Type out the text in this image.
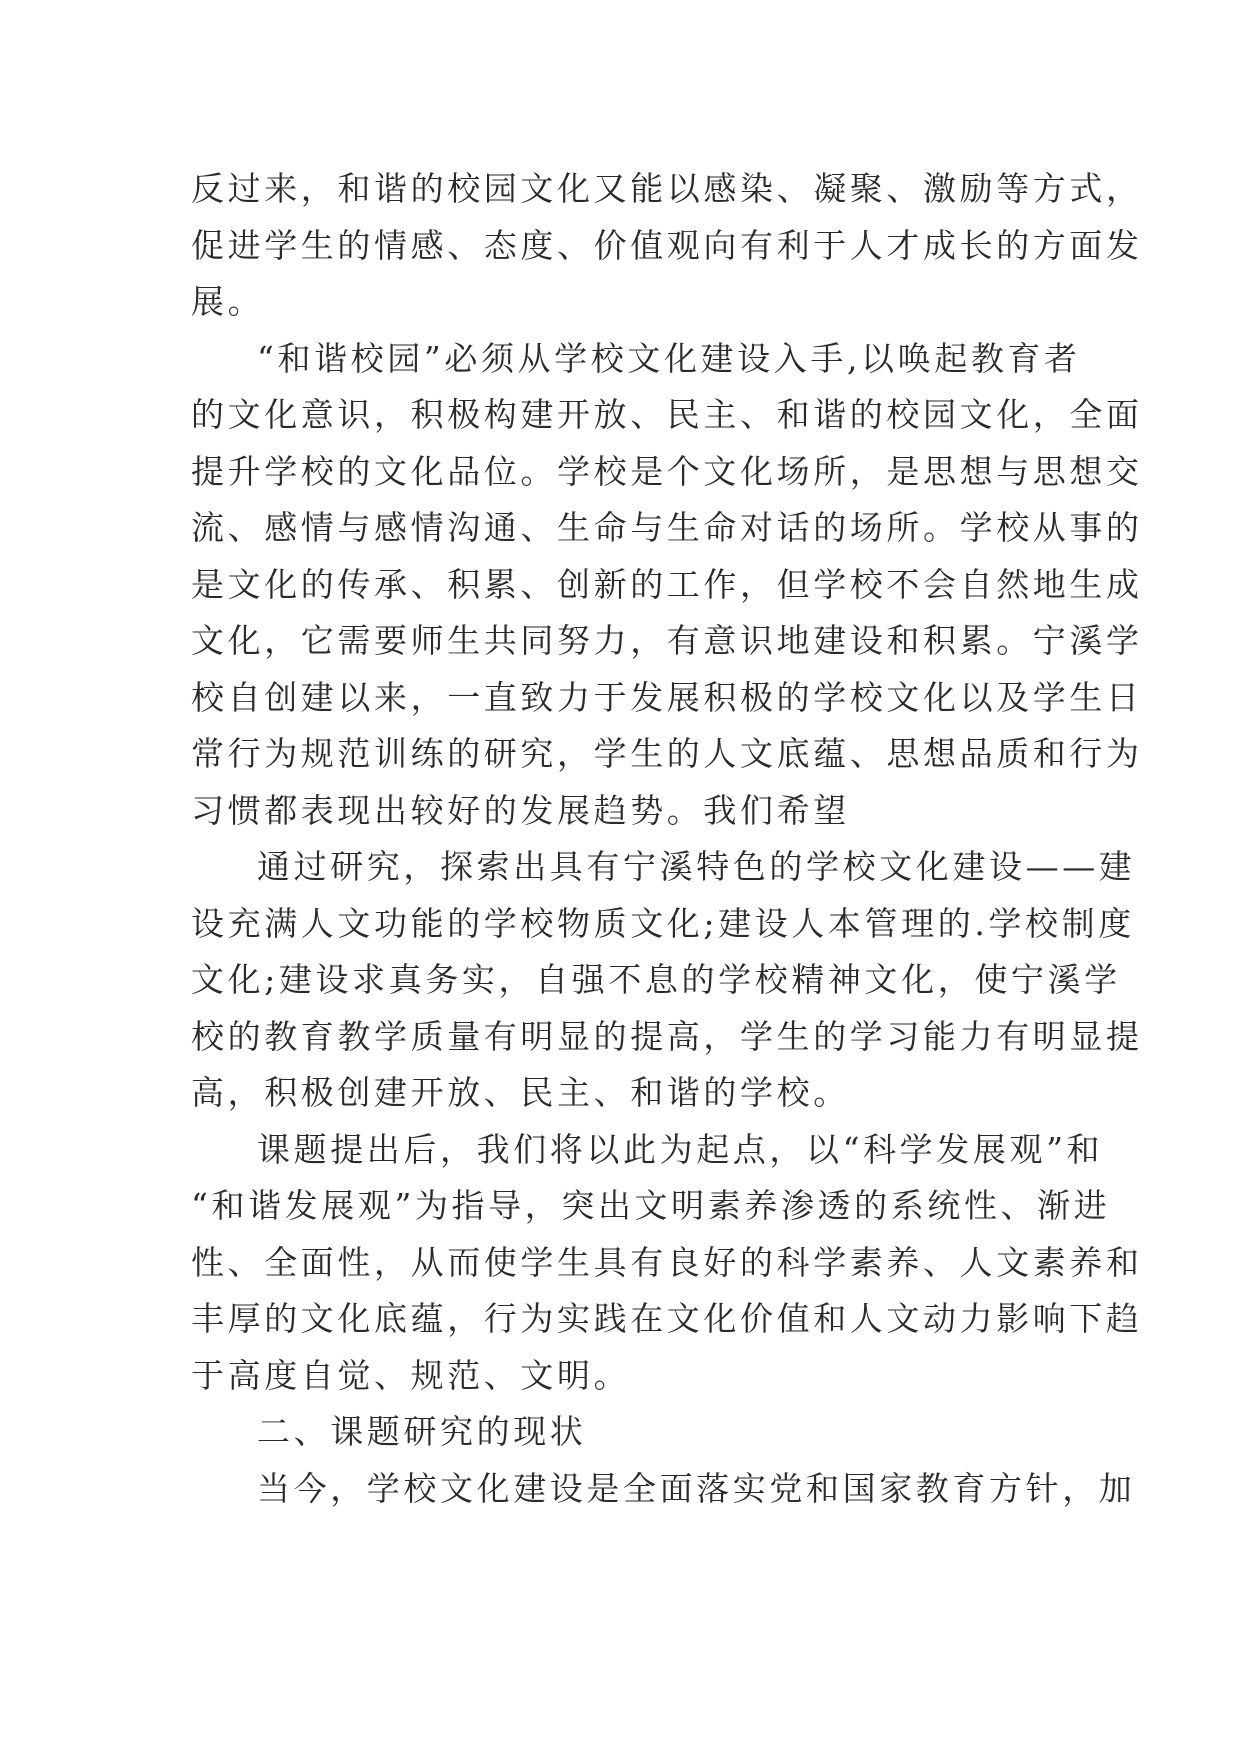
反过来，和谐的校园文化又能以感染、凝聚、激励等方式，
促进学生的情感、态度、价值观向有利于人才成长的方面发
展。
“和谐校园”必须从学校文化建设入手,以唤起教育者
的文化意识，积极构建开放、民主、和谐的校园文化，全面
提升学校的文化品位。学校是个文化场所，是思想与思想交
流、感情与感情沟通、生命与生命对话的场所。学校从事的
是文化的传承、积累、创新的工作，但学校不会自然地生成
文化，它需要师生共同努力，有意识地建设和积累。宁溪学
校自创建以来，一直致力于发展积极的学校文化以及学生日
常行为规范训练的研究，学生的人文底蕴、思想品质和行为
习惯都表现出较好的发展趋势。我们希望
通过研究，探索出具有宁溪特色的学校文化建设——建
设充满人文功能的学校物质文化;建设人本管理的.学校制度
文化;建设求真务实，自强不息的学校精神文化，使宁溪学
校的教育教学质量有明显的提高，学生的学习能力有明显提
高，积极创建开放、民主、和谐的学校。
课题提出后，我们将以此为起点，以“科学发展观”和
“和谐发展观”为指导，突出文明素养渗透的系统性、渐进
性、全面性，从而使学生具有良好的科学素养、人文素养和
丰厚的文化底蕴，行为实践在文化价值和人文动力影响下趋
于高度自觉、规范、文明。
二、课题研究的现状
当今，学校文化建设是全面落实党和国家教育方针，加
